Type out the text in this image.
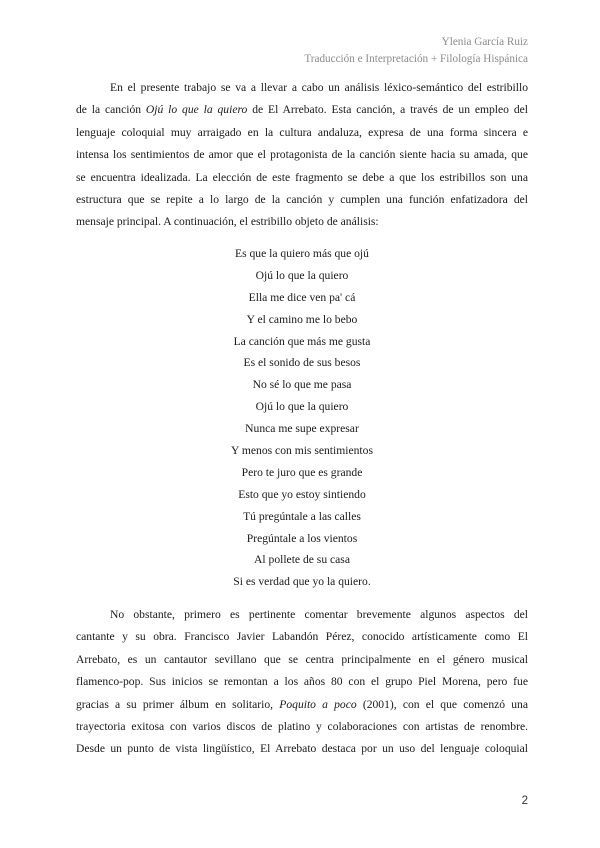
Ylenia García Ruiz
Traducción e Interpretación + Filología Hispánica

En el presente trabajo se va a llevar a cabo un análisis léxico-semántico del estribillo
de la canción Ojú lo que la quiero de El Arrebato. Esta canción, a través de un empleo del
lenguaje coloquial muy arraigado en la cultura andaluza, expresa de una forma sincera e
intensa los sentimientos de amor que el protagonista de la canción siente hacia su amada, que
se encuentra idealizada. La elección de este fragmento se debe a que los estribillos son una
estructura que se repite a lo largo de la canción y cumplen una función enfatizadora del
mensaje principal. A continuación, el estribillo objeto de análisis:

Es que la quiero más que ojú
Ojú lo que la quiero
Ella me dice ven pa' cá
Y el camino me lo bebo
La canción que más me gusta
Es el sonido de sus besos
No sé lo que me pasa
Ojú lo que la quiero
Nunca me supe expresar
Y menos con mis sentimientos
Pero te juro que es grande
Esto que yo estoy sintiendo
Tú pregúntale a las calles
Pregúntale a los vientos
Al pollete de su casa
Si es verdad que yo la quiero.

No obstante, primero es pertinente comentar brevemente algunos aspectos del
cantante y su obra. Francisco Javier Labandón Pérez, conocido artísticamente como El
Arrebato, es un cantautor sevillano que se centra principalmente en el género musical
flamenco-pop. Sus inicios se remontan a los años 80 con el grupo Piel Morena, pero fue
gracias a su primer álbum en solitario, Poquito a poco (2001), con el que comenzó una
trayectoria exitosa con varios discos de platino y colaboraciones con artistas de renombre.
Desde un punto de vista lingüístico, El Arrebato destaca por un uso del lenguaje coloquial

2
